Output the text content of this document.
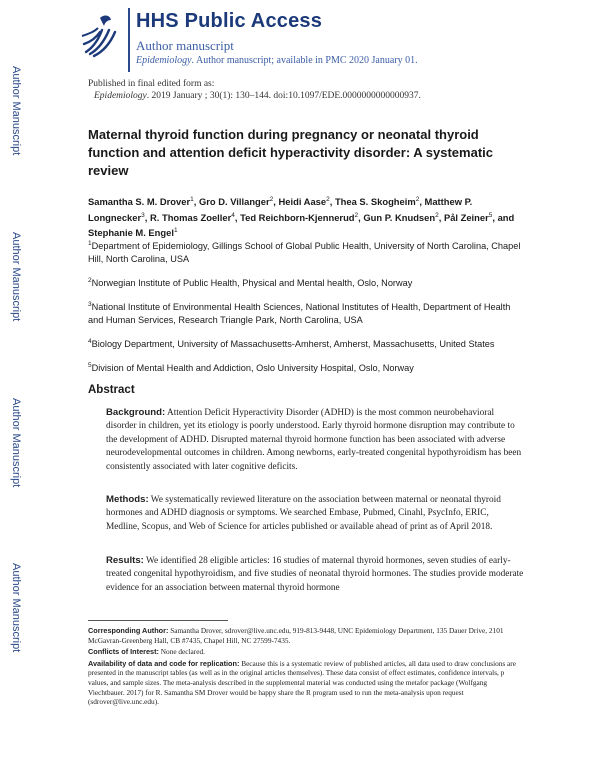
Author Manuscript
Author Manuscript
Author Manuscript
Author Manuscript
HHS Public Access
Author manuscript
Epidemiology. Author manuscript; available in PMC 2020 January 01.
Published in final edited form as:
Epidemiology. 2019 January ; 30(1): 130–144. doi:10.1097/EDE.0000000000000937.
Maternal thyroid function during pregnancy or neonatal thyroid function and attention deficit hyperactivity disorder: A systematic review
Samantha S. M. Drover$^1$, Gro D. Villanger$^2$, Heidi Aase$^2$, Thea S. Skogheim$^2$, Matthew P. Longnecker$^3$, R. Thomas Zoeller$^4$, Ted Reichborn-Kjennerud$^2$, Gun P. Knudsen$^2$, Pål Zeiner$^5$, and Stephanie M. Engel$^1$
$^1$Department of Epidemiology, Gillings School of Global Public Health, University of North Carolina, Chapel Hill, North Carolina, USA
$^2$Norwegian Institute of Public Health, Physical and Mental health, Oslo, Norway
$^3$National Institute of Environmental Health Sciences, National Institutes of Health, Department of Health and Human Services, Research Triangle Park, North Carolina, USA
$^4$Biology Department, University of Massachusetts-Amherst, Amherst, Massachusetts, United States
$^5$Division of Mental Health and Addiction, Oslo University Hospital, Oslo, Norway
Abstract
Background: Attention Deficit Hyperactivity Disorder (ADHD) is the most common neurobehavioral disorder in children, yet its etiology is poorly understood. Early thyroid hormone disruption may contribute to the development of ADHD. Disrupted maternal thyroid hormone function has been associated with adverse neurodevelopmental outcomes in children. Among newborns, early-treated congenital hypothyroidism has been consistently associated with later cognitive deficits.
Methods: We systematically reviewed literature on the association between maternal or neonatal thyroid hormones and ADHD diagnosis or symptoms. We searched Embase, Pubmed, Cinahl, PsycInfo, ERIC, Medline, Scopus, and Web of Science for articles published or available ahead of print as of April 2018.
Results: We identified 28 eligible articles: 16 studies of maternal thyroid hormones, seven studies of early-treated congenital hypothyroidism, and five studies of neonatal thyroid hormones. The studies provide moderate evidence for an association between maternal thyroid hormone
Corresponding Author: Samantha Drover, sdrover@live.unc.edu, 919-813-9448, UNC Epidemiology Department, 135 Dauer Drive, 2101 McGavran-Greenberg Hall, CB #7435, Chapel Hill, NC 27599-7435.
Conflicts of Interest: None declared.
Availability of data and code for replication: Because this is a systematic review of published articles, all data used to draw conclusions are presented in the manuscript tables (as well as in the original articles themselves). These data consist of effect estimates, confidence intervals, p values, and sample sizes. The meta-analysis described in the supplemental material was conducted using the metafor package (Wolfgang Viechtbauer. 2017) for R. Samantha SM Drover would be happy share the R program used to run the meta-analysis upon request (sdrover@live.unc.edu).
